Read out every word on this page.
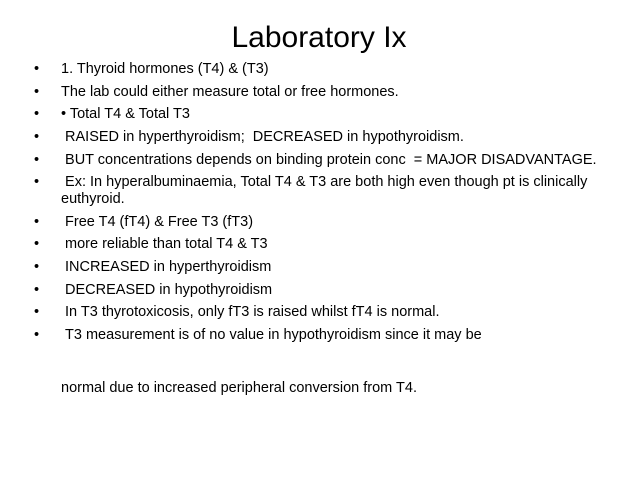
Laboratory Ix
•	1. Thyroid hormones (T4) & (T3)
•	The lab could either measure total or free hormones.
•	• Total T4 & Total T3
•	RAISED in hyperthyroidism;  DECREASED in hypothyroidism.
•	BUT concentrations depends on binding protein conc  = MAJOR DISADVANTAGE.
•	Ex: In hyperalbuminaemia, Total T4 & T3 are both high even though pt is clinically euthyroid.
•	Free T4 (fT4) & Free T3 (fT3)
•	more reliable than total T4 & T3
•	INCREASED in hyperthyroidism
•	DECREASED in hypothyroidism
•	In T3 thyrotoxicosis, only fT3 is raised whilst fT4 is normal.
•	T3 measurement is of no value in hypothyroidism since it may be
normal due to increased peripheral conversion from T4.
